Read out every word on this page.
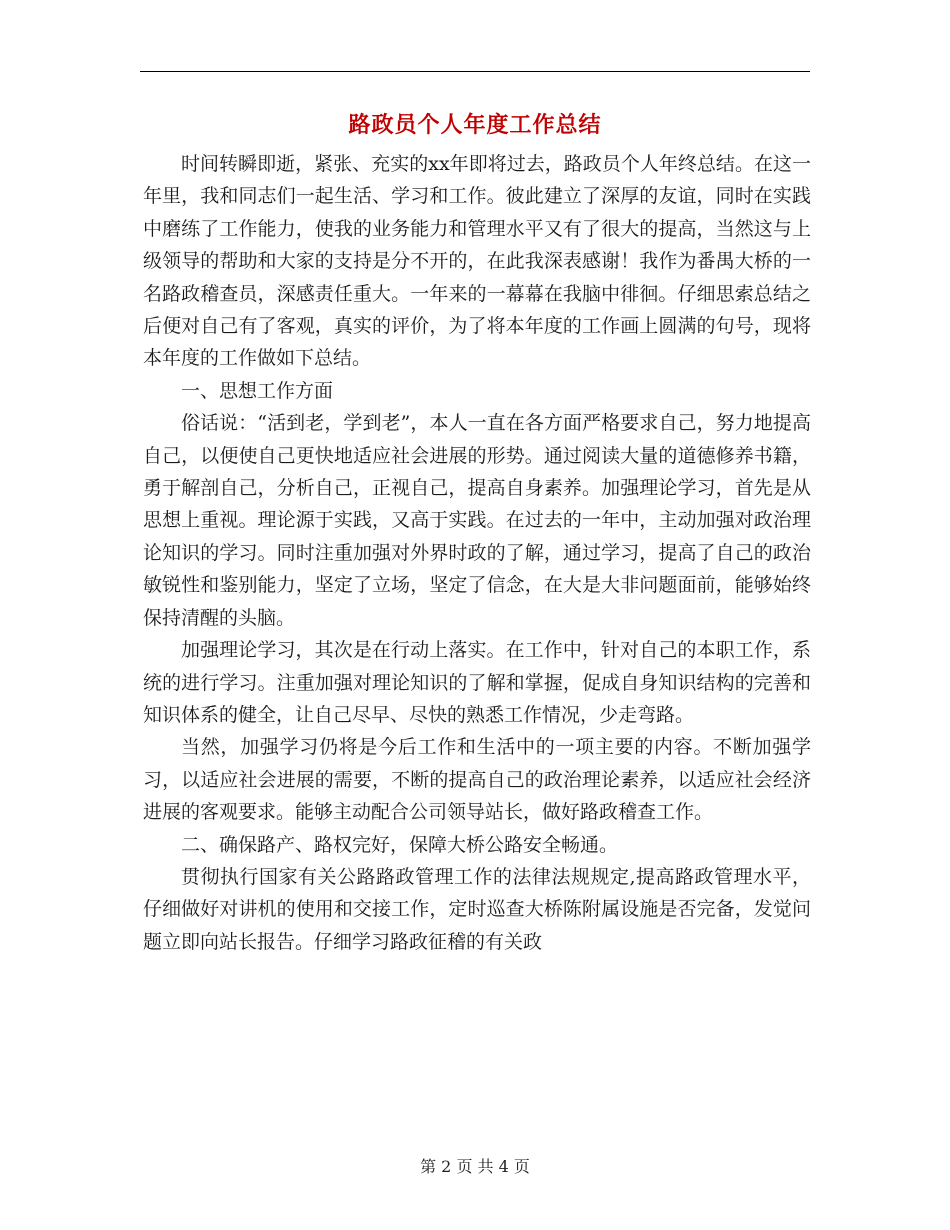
路政员个人年度工作总结

时间转瞬即逝，紧张、充实的xx年即将过去，路政员个人年终总结。在这一年里，我和同志们一起生活、学习和工作。彼此建立了深厚的友谊，同时在实践中磨练了工作能力，使我的业务能力和管理水平又有了很大的提高，当然这与上级领导的帮助和大家的支持是分不开的，在此我深表感谢！我作为番禺大桥的一名路政稽查员，深感责任重大。一年来的一幕幕在我脑中徘徊。仔细思索总结之后便对自己有了客观，真实的评价，为了将本年度的工作画上圆满的句号，现将本年度的工作做如下总结。

一、思想工作方面

俗话说：“活到老，学到老”，本人一直在各方面严格要求自己，努力地提高自己，以便使自己更快地适应社会进展的形势。通过阅读大量的道德修养书籍，勇于解剖自己，分析自己，正视自己，提高自身素养。加强理论学习，首先是从思想上重视。理论源于实践，又高于实践。在过去的一年中，主动加强对政治理论知识的学习。同时注重加强对外界时政的了解，通过学习，提高了自己的政治敏锐性和鉴别能力，坚定了立场，坚定了信念，在大是大非问题面前，能够始终保持清醒的头脑。

加强理论学习，其次是在行动上落实。在工作中，针对自己的本职工作，系统的进行学习。注重加强对理论知识的了解和掌握，促成自身知识结构的完善和知识体系的健全，让自己尽早、尽快的熟悉工作情况，少走弯路。

当然，加强学习仍将是今后工作和生活中的一项主要的内容。不断加强学习，以适应社会进展的需要，不断的提高自己的政治理论素养，以适应社会经济进展的客观要求。能够主动配合公司领导站长，做好路政稽查工作。

二、确保路产、路权完好，保障大桥公路安全畅通。

贯彻执行国家有关公路路政管理工作的法律法规规定,提高路政管理水平，仔细做好对讲机的使用和交接工作，定时巡查大桥陈附属设施是否完备，发觉问题立即向站长报告。仔细学习路政征稽的有关政

第 2 页 共 4 页
